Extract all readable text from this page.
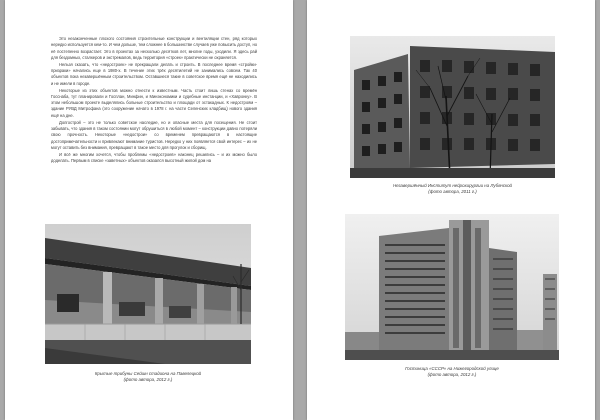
Это незаконченные плохого состояния строительные конструкции и вентиляции стен, ряд которых нередко используется кем-то. И чем дольше, тем сложнее в большинстве случаев уже повысить доступ, но её постепенно возрастает. Это в проектах за несколько десятков лет, многие годы, уходили. Я здесь рай для бездомных, сталкеров и экстремалов, ведь территория «строек» практически не охраняется.

Нельзя сказать, что «недостроек» не прекращали делать и строить. В последнее время «стройки-призраки» начались еще в 1980-х. В течение этих трёх десятилетий не занимались совсем. Так 40 объектов пока незавершённым строительством. Оставшиеся такие в советское время ещё не находились и не имели в городе.

Некоторые из этих объектов можно отнести к известным. Часть стоит лишь стенах со времён Госснаба, тут планировали и Госплан, Минфин, и Минэкономики и судебные инстанции, и «Хавронку». В этом небольшом проекте выделялись больные строительство и площади от эстакадных. К недостроям – здание РУВД Митрофана (это сооружение начато в 1978 г. на части Селенских кладбищ) нового здания ещё на дне.

Долгострой – это не только советское наследие, но и опасные места для посещения. Не стоит забывать, что здания в таком состоянии могут обрушиться в любой момент – конструкции давно потеряли свою прочность. Некоторые «недострои» со временем превращаются в настоящие достопримечательности и привлекают внимание туристов. Нередко у них появляется свой интерес – их не могут оставить без внимания, превращают в такое место для прогулок и сборищ.

И всё же многим хочется, чтобы проблемы «недостроев» наконец решились – и их можно было доделать. Первым в списке «заветных» объектов оказался высотный жилой дом на

Крытые трибуны Сейшн стадиона на Павелецкой
(фото автора, 2012 г.)
Незавершённый Институт нейрохирургии на Лубянской
(фото автора, 2011 г.)
Гостиница «СССР» на Нижегородской улице
(фото автора, 2012 г.)
